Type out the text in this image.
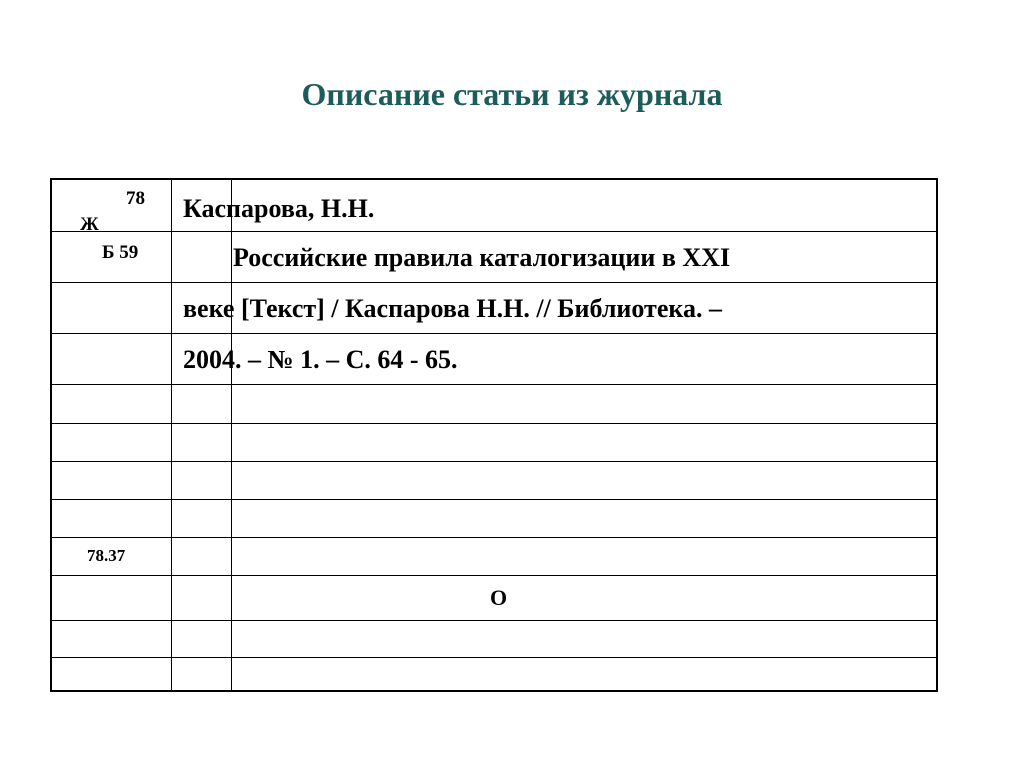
Описание статьи из журнала
78
Ж
Б 59
78.37
Каспарова, Н.Н.
Российские правила каталогизации в XXI
веке [Текст] / Каспарова Н.Н. // Библиотека. –
2004. – № 1. – С. 64 - 65.
О
